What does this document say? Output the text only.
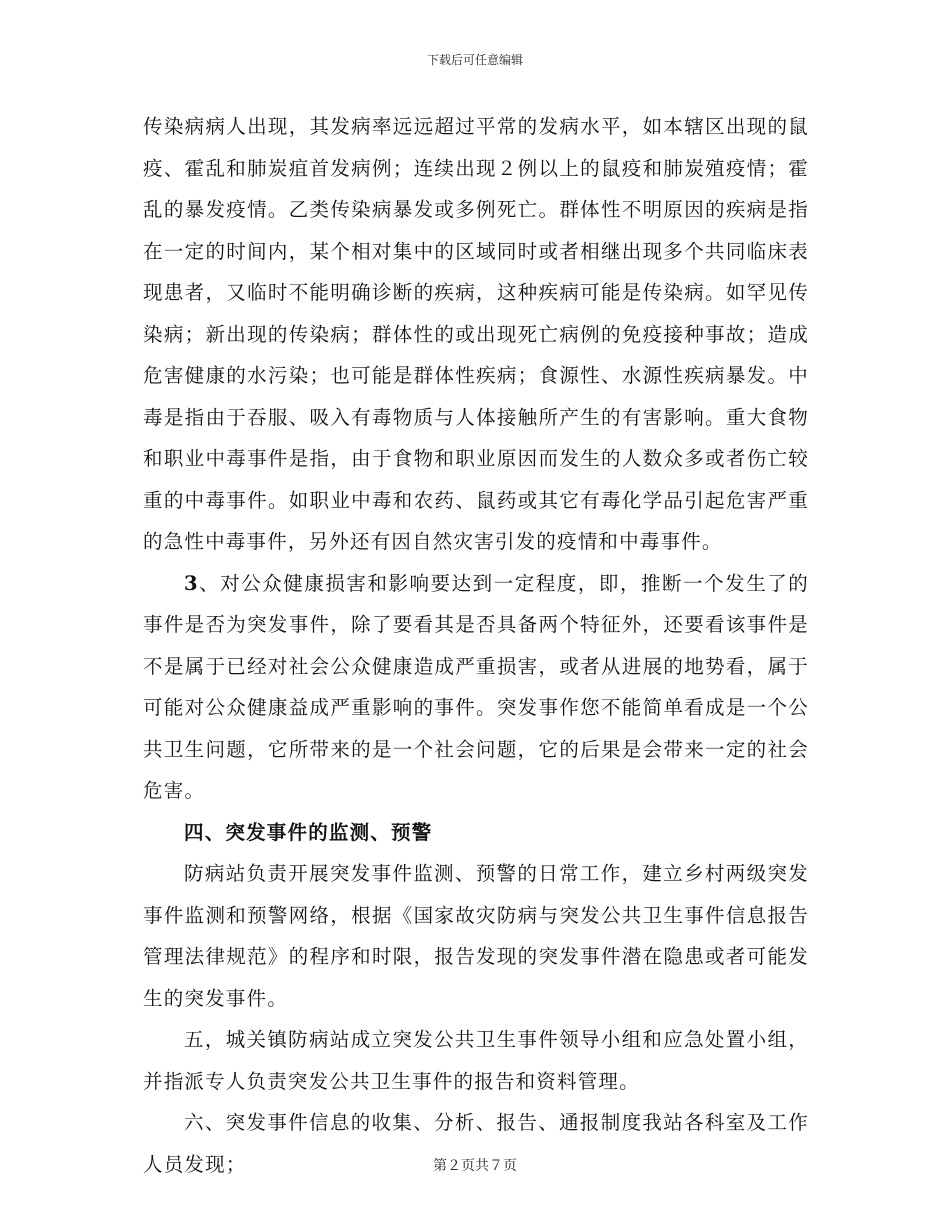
下载后可任意编辑

传染病病人出现，其发病率远远超过平常的发病水平，如本辖区出现的鼠疫、霍乱和肺炭疽首发病例；连续出现２例以上的鼠疫和肺炭殖疫情；霍乱的暴发疫情。乙类传染病暴发或多例死亡。群体性不明原因的疾病是指在一定的时间内，某个相对集中的区域同时或者相继出现多个共同临床表现患者，又临时不能明确诊断的疾病，这种疾病可能是传染病。如罕见传染病；新出现的传染病；群体性的或出现死亡病例的免疫接种事故；造成危害健康的水污染；也可能是群体性疾病；食源性、水源性疾病暴发。中毒是指由于吞服、吸入有毒物质与人体接触所产生的有害影响。重大食物和职业中毒事件是指，由于食物和职业原因而发生的人数众多或者伤亡较重的中毒事件。如职业中毒和农药、鼠药或其它有毒化学品引起危害严重的急性中毒事件，另外还有因自然灾害引发的疫情和中毒事件。

3、对公众健康损害和影响要达到一定程度，即，推断一个发生了的事件是否为突发事件，除了要看其是否具备两个特征外，还要看该事件是不是属于已经对社会公众健康造成严重损害，或者从进展的地势看，属于可能对公众健康益成严重影响的事件。突发事作您不能简单看成是一个公共卫生问题，它所带来的是一个社会问题，它的后果是会带来一定的社会危害。

四、突发事件的监测、预警

防病站负责开展突发事件监测、预警的日常工作，建立乡村两级突发事件监测和预警网络，根据《国家故灾防病与突发公共卫生事件信息报告管理法律规范》的程序和时限，报告发现的突发事件潜在隐患或者可能发生的突发事件。

五，城关镇防病站成立突发公共卫生事件领导小组和应急处置小组，并指派专人负责突发公共卫生事件的报告和资料管理。

六、突发事件信息的收集、分析、报告、通报制度我站各科室及工作人员发现；	第２页共７页
